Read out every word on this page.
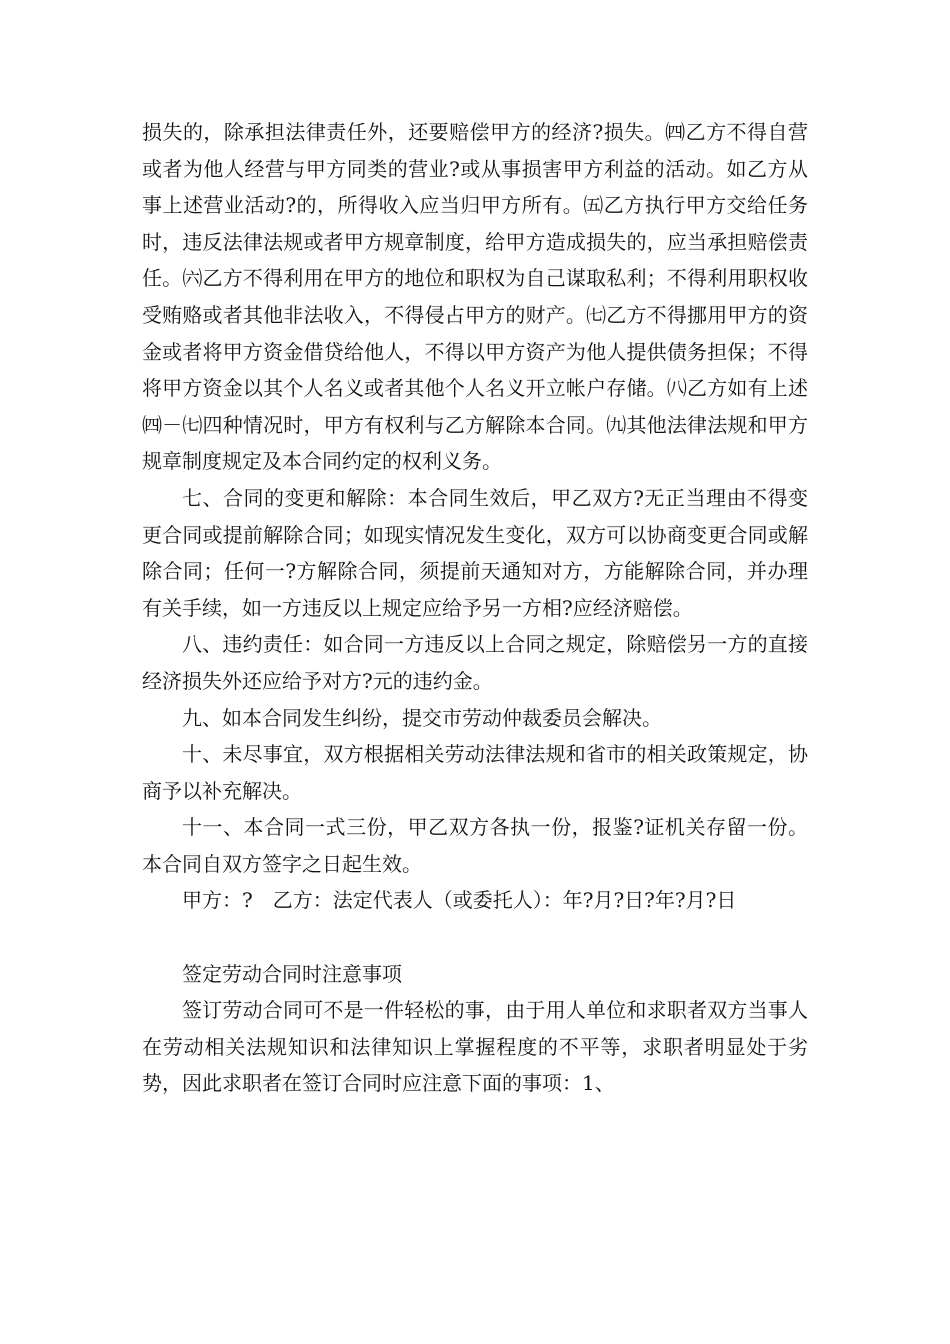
损失的，除承担法律责任外，还要赔偿甲方的经济?损失。㈣乙方不得自营或者为他人经营与甲方同类的营业?或从事损害甲方利益的活动。如乙方从事上述营业活动?的，所得收入应当归甲方所有。㈤乙方执行甲方交给任务时，违反法律法规或者甲方规章制度，给甲方造成损失的，应当承担赔偿责任。㈥乙方不得利用在甲方的地位和职权为自己谋取私利；不得利用职权收受贿赂或者其他非法收入，不得侵占甲方的财产。㈦乙方不得挪用甲方的资金或者将甲方资金借贷给他人，不得以甲方资产为他人提供债务担保；不得将甲方资金以其个人名义或者其他个人名义开立帐户存储。㈧乙方如有上述㈣－㈦四种情况时，甲方有权利与乙方解除本合同。㈨其他法律法规和甲方规章制度规定及本合同约定的权利义务。

七、合同的变更和解除：本合同生效后，甲乙双方?无正当理由不得变更合同或提前解除合同；如现实情况发生变化，双方可以协商变更合同或解除合同；任何一?方解除合同，须提前天通知对方，方能解除合同，并办理有关手续，如一方违反以上规定应给予另一方相?应经济赔偿。

八、违约责任：如合同一方违反以上合同之规定，除赔偿另一方的直接经济损失外还应给予对方?元的违约金。

九、如本合同发生纠纷，提交市劳动仲裁委员会解决。

十、未尽事宜，双方根据相关劳动法律法规和省市的相关政策规定，协商予以补充解决。

十一、本合同一式三份，甲乙双方各执一份，报鉴?证机关存留一份。本合同自双方签字之日起生效。

甲方：?　乙方：法定代表人（或委托人）：年?月?日?年?月?日

签定劳动合同时注意事项

签订劳动合同可不是一件轻松的事，由于用人单位和求职者双方当事人在劳动相关法规知识和法律知识上掌握程度的不平等，求职者明显处于劣势，因此求职者在签订合同时应注意下面的事项：1、
